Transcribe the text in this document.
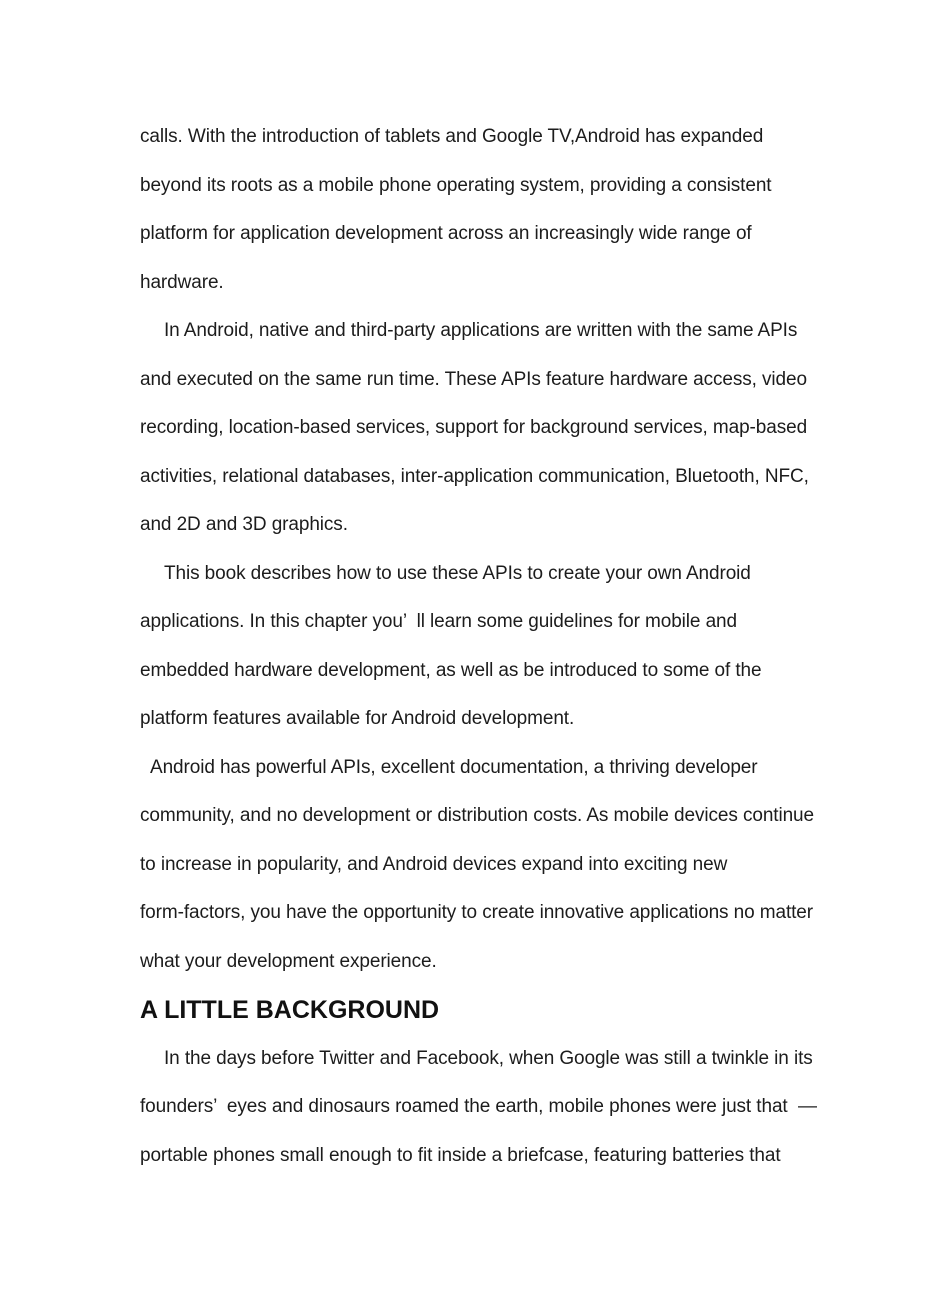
calls. With the introduction of tablets and Google TV,Android has expanded
beyond its roots as a mobile phone operating system, providing a consistent
platform for application development across an increasingly wide range of
hardware.
In Android, native and third-party applications are written with the same APIs
and executed on the same run time. These APIs feature hardware access, video
recording, location-based services, support for background services, map-based
activities, relational databases, inter-application communication, Bluetooth, NFC,
and 2D and 3D graphics.
This book describes how to use these APIs to create your own Android
applications. In this chapter you’  ll learn some guidelines for mobile and
embedded hardware development, as well as be introduced to some of the
platform features available for Android development.
Android has powerful APIs, excellent documentation, a thriving developer
community, and no development or distribution costs. As mobile devices continue
to increase in popularity, and Android devices expand into exciting new
form-factors, you have the opportunity to create innovative applications no matter
what your development experience.
A LITTLE BACKGROUND
In the days before Twitter and Facebook, when Google was still a twinkle in its
founders’  eyes and dinosaurs roamed the earth, mobile phones were just that  —
portable phones small enough to fit inside a briefcase, featuring batteries that
